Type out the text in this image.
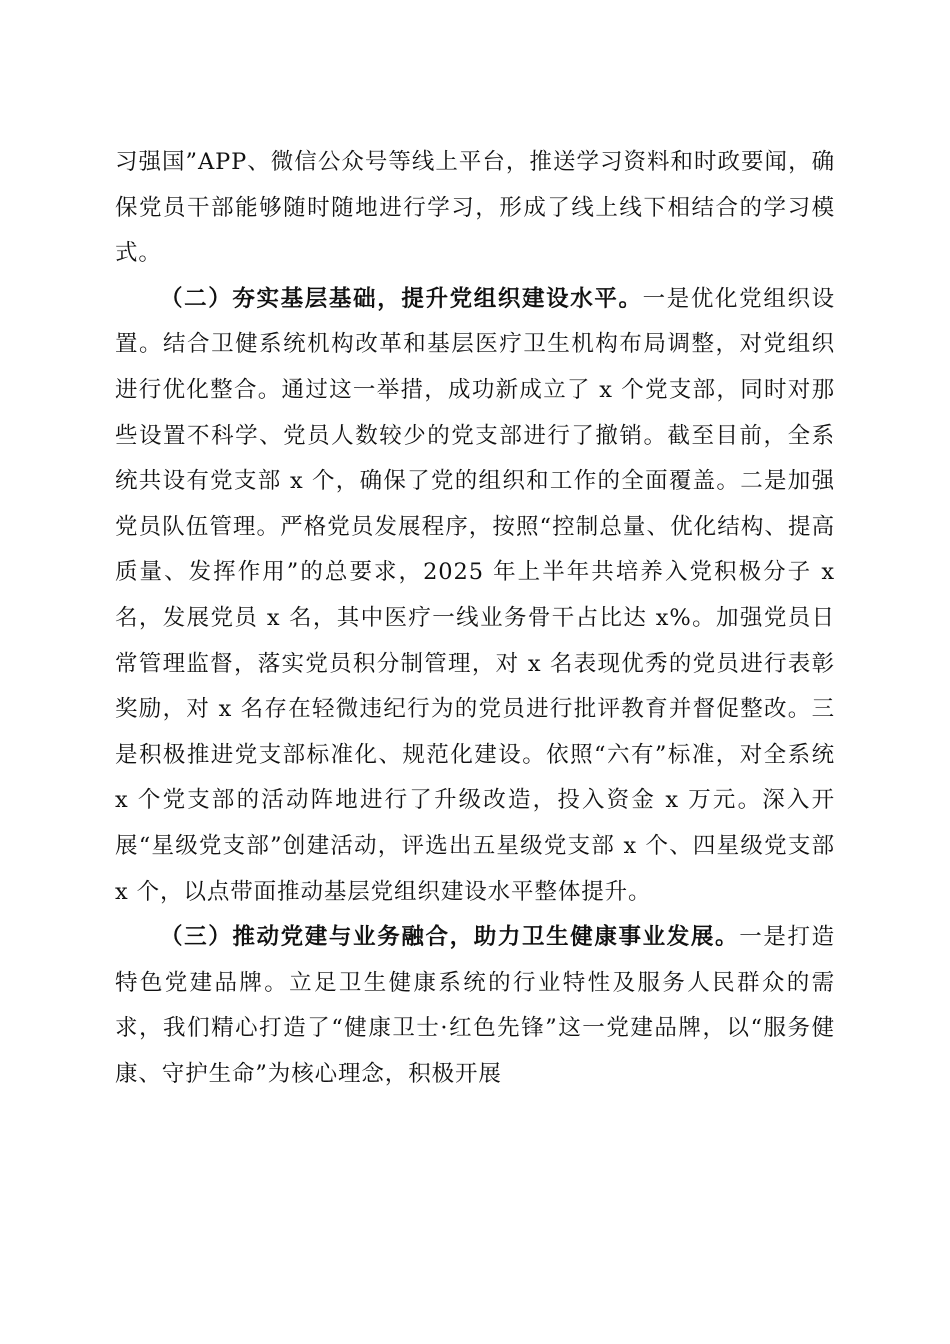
习强国”APP、微信公众号等线上平台，推送学习资料和时政要闻，确保党员干部能够随时随地进行学习，形成了线上线下相结合的学习模式。

（二）夯实基层基础，提升党组织建设水平。一是优化党组织设置。结合卫健系统机构改革和基层医疗卫生机构布局调整，对党组织进行优化整合。通过这一举措，成功新成立了 x 个党支部，同时对那些设置不科学、党员人数较少的党支部进行了撤销。截至目前，全系统共设有党支部 x 个，确保了党的组织和工作的全面覆盖。二是加强党员队伍管理。严格党员发展程序，按照“控制总量、优化结构、提高质量、发挥作用”的总要求，2025 年上半年共培养入党积极分子 x 名，发展党员 x 名，其中医疗一线业务骨干占比达 x%。加强党员日常管理监督，落实党员积分制管理，对 x 名表现优秀的党员进行表彰奖励，对 x 名存在轻微违纪行为的党员进行批评教育并督促整改。三是积极推进党支部标准化、规范化建设。依照“六有”标准，对全系统 x 个党支部的活动阵地进行了升级改造，投入资金 x 万元。深入开展“星级党支部”创建活动，评选出五星级党支部 x 个、四星级党支部 x 个，以点带面推动基层党组织建设水平整体提升。

（三）推动党建与业务融合，助力卫生健康事业发展。一是打造特色党建品牌。立足卫生健康系统的行业特性及服务人民群众的需求，我们精心打造了“健康卫士·红色先锋”这一党建品牌，以“服务健康、守护生命”为核心理念，积极开展
